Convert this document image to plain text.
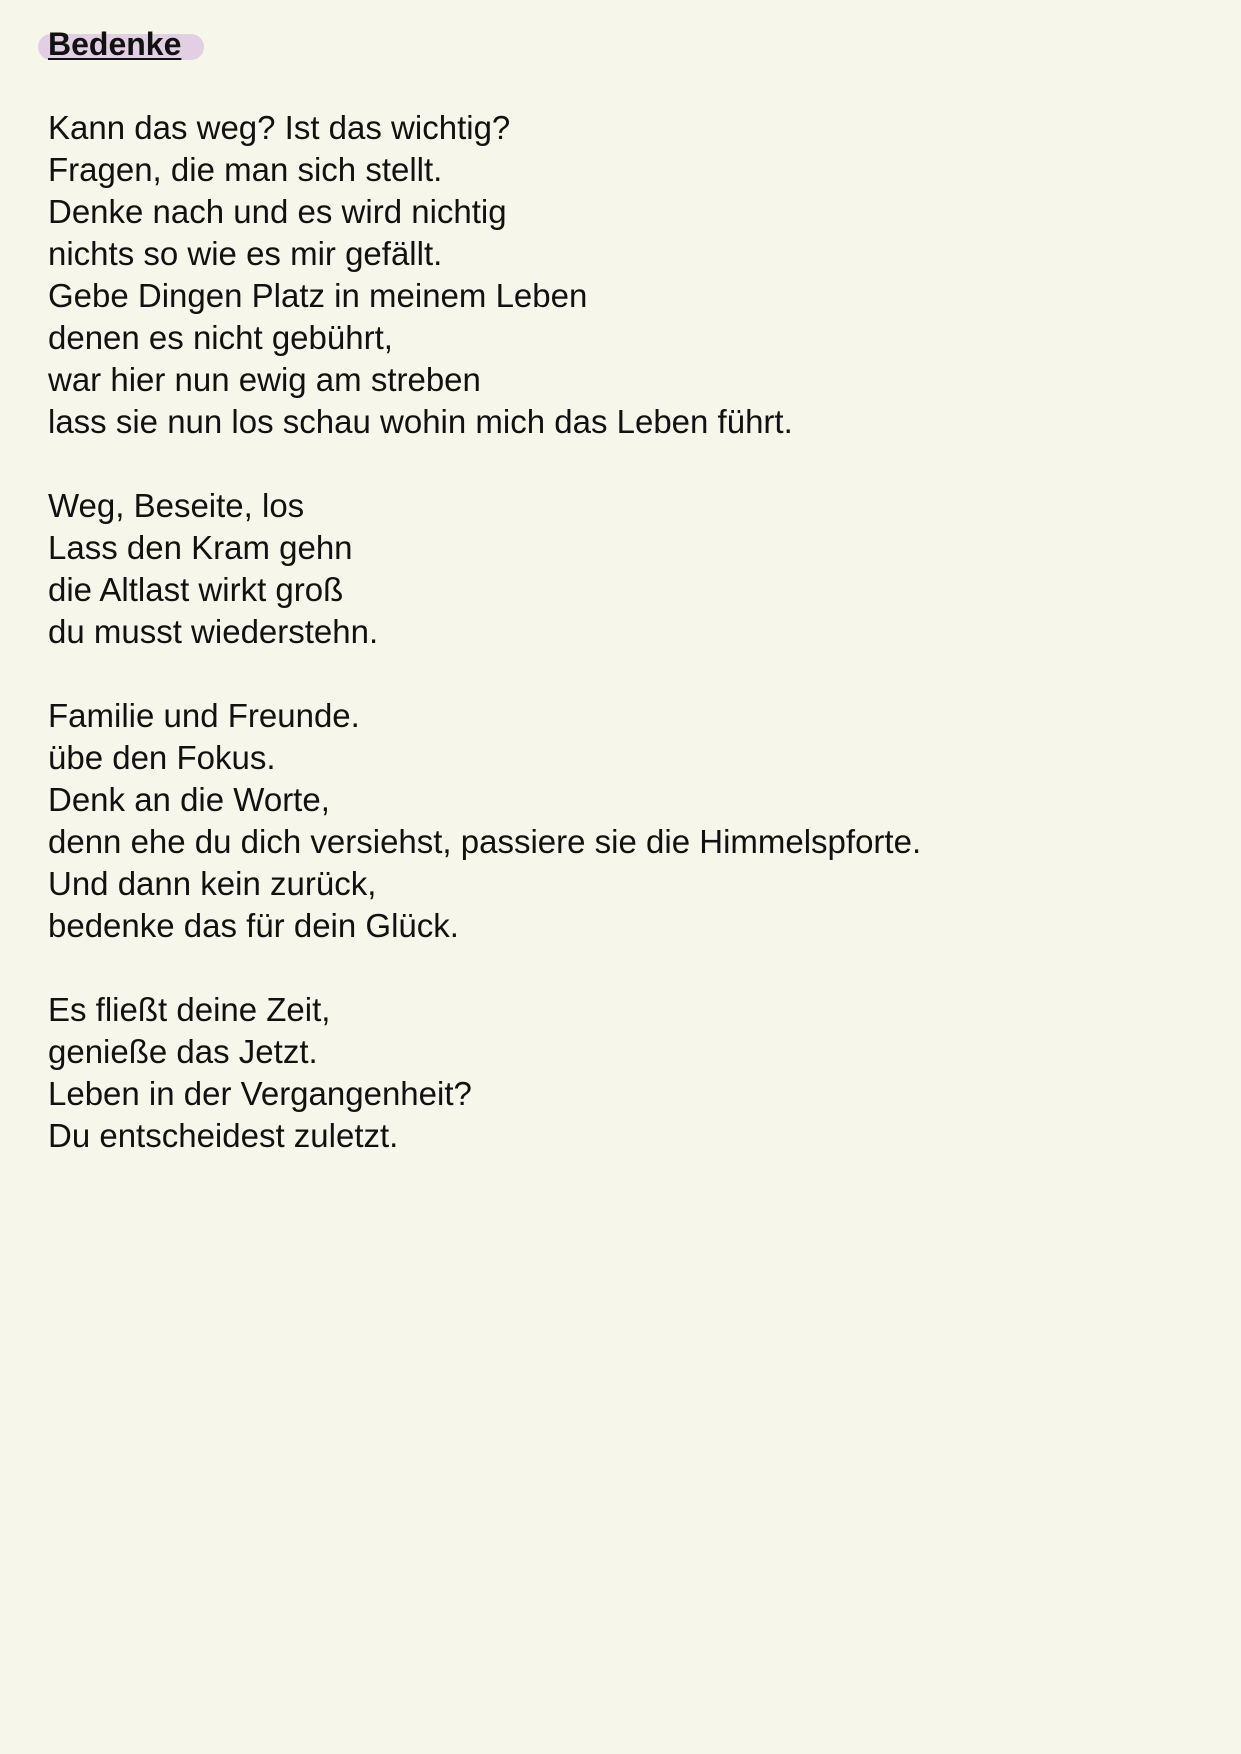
Bedenke
Kann das weg? Ist das wichtig?
Fragen, die man sich stellt.
Denke nach und es wird nichtig
nichts so wie es mir gefällt.
Gebe Dingen Platz in meinem Leben
denen es nicht gebührt,
war hier nun ewig am streben
lass sie nun los schau wohin mich das Leben führt.
Weg, Beseite, los
Lass den Kram gehn
die Altlast wirkt groß
du musst wiederstehn.
Familie und Freunde.
übe den Fokus.
Denk an die Worte,
denn ehe du dich versiehst, passiere sie die Himmelspforte.
Und dann kein zurück,
bedenke das für dein Glück.
Es fließt deine Zeit,
genieße das Jetzt.
Leben in der Vergangenheit?
Du entscheidest zuletzt.
